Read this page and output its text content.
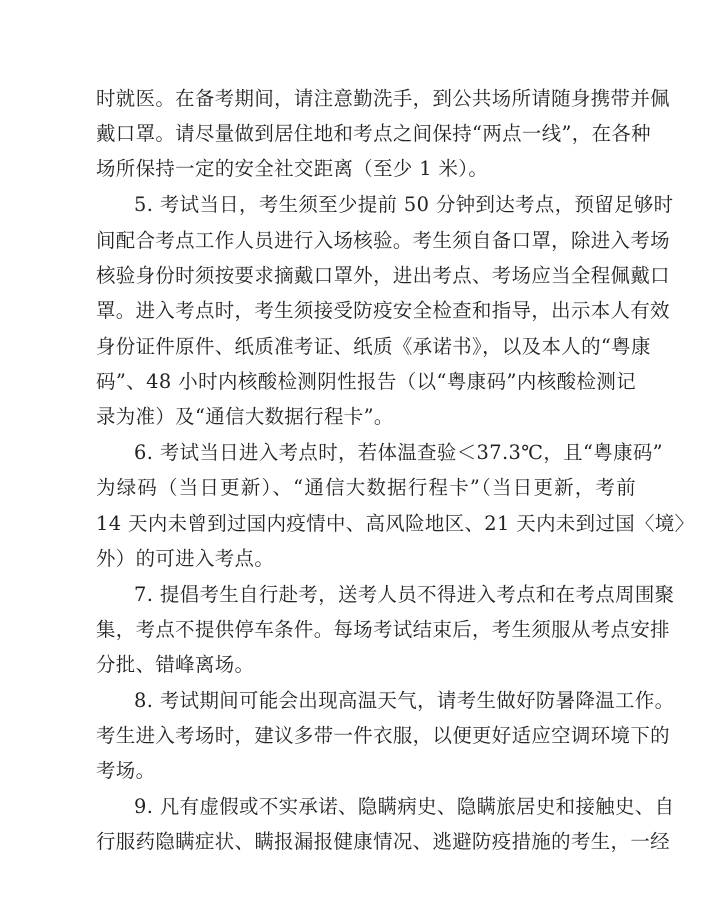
时就医。在备考期间，请注意勤洗手，到公共场所请随身携带并佩

戴口罩。请尽量做到居住地和考点之间保持“两点一线”，在各种

场所保持一定的安全社交距离（至少 1 米）。

5. 考试当日，考生须至少提前 50 分钟到达考点，预留足够时

间配合考点工作人员进行入场核验。考生须自备口罩，除进入考场

核验身份时须按要求摘戴口罩外，进出考点、考场应当全程佩戴口

罩。进入考点时，考生须接受防疫安全检查和指导，出示本人有效

身份证件原件、纸质准考证、纸质《承诺书》，以及本人的“粤康

码”、48 小时内核酸检测阴性报告（以“粤康码”内核酸检测记

录为准）及“通信大数据行程卡”。

6. 考试当日进入考点时，若体温查验＜37.3℃，且“粤康码”

为绿码（当日更新）、“通信大数据行程卡”（当日更新，考前

14 天内未曾到过国内疫情中、高风险地区、21 天内未到过国〈境〉

外）的可进入考点。

7. 提倡考生自行赴考，送考人员不得进入考点和在考点周围聚

集，考点不提供停车条件。每场考试结束后，考生须服从考点安排

分批、错峰离场。

8. 考试期间可能会出现高温天气，请考生做好防暑降温工作。

考生进入考场时，建议多带一件衣服，以便更好适应空调环境下的

考场。

9. 凡有虚假或不实承诺、隐瞒病史、隐瞒旅居史和接触史、自

行服药隐瞒症状、瞒报漏报健康情况、逃避防疫措施的考生，一经
